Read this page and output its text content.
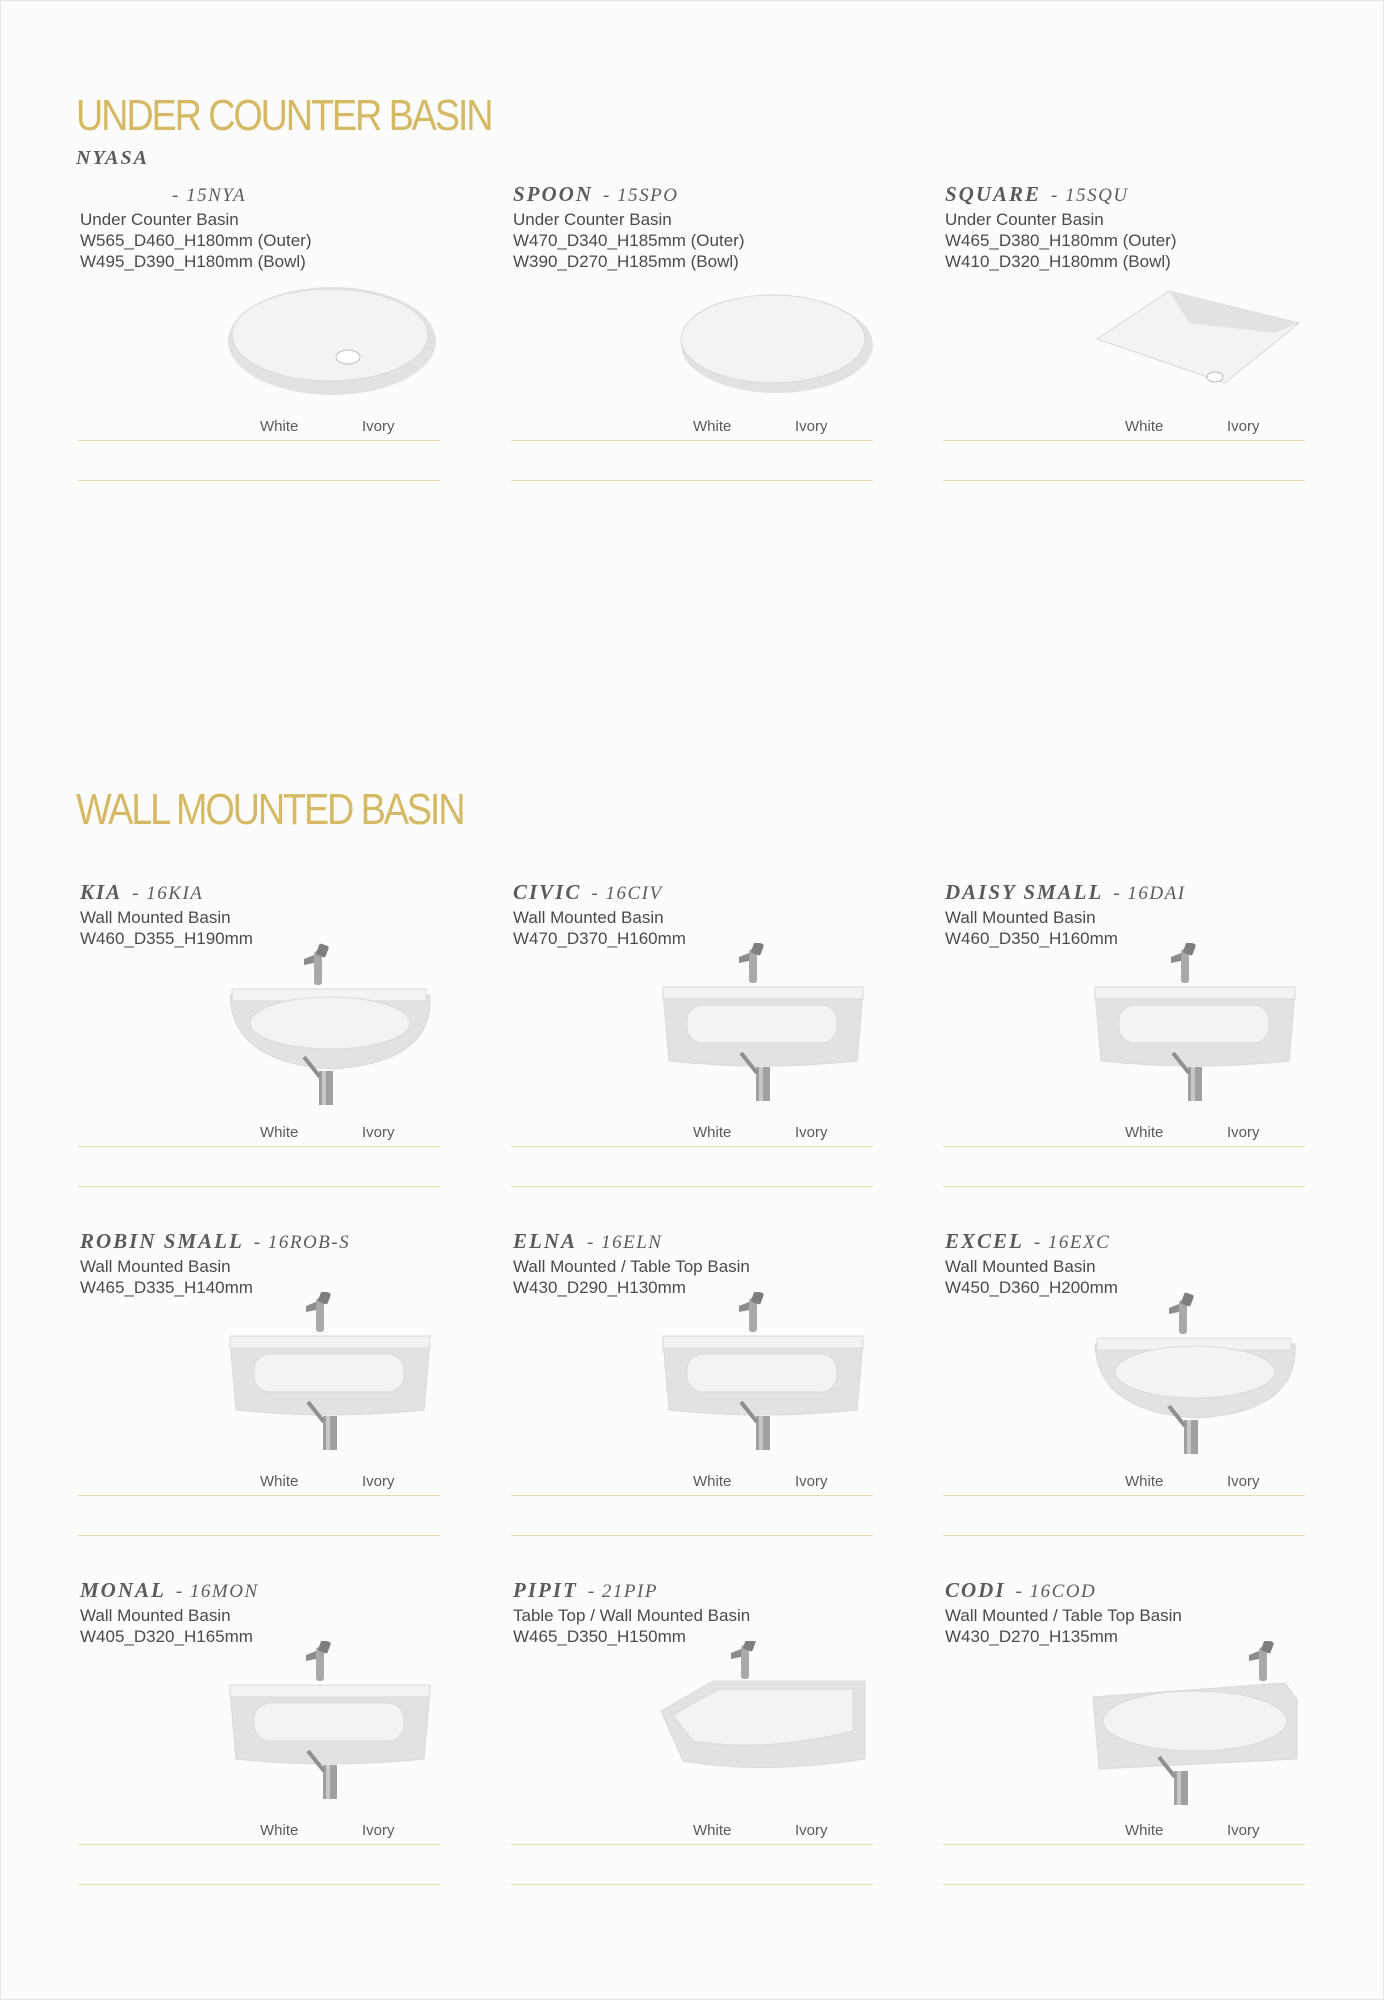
UNDER COUNTER BASIN
NYASA
WALL MOUNTED BASIN
- 15NYA
Under Counter Basin
W565_D460_H180mm (Outer)
W495_D390_H180mm (Bowl)
White	Ivory
SPOON - 15SPO
Under Counter Basin
W470_D340_H185mm (Outer)
W390_D270_H185mm (Bowl)
White	Ivory
SQUARE - 15SQU
Under Counter Basin
W465_D380_H180mm (Outer)
W410_D320_H180mm (Bowl)
White	Ivory
KIA - 16KIA
Wall Mounted Basin
W460_D355_H190mm
White	Ivory
CIVIC - 16CIV
Wall Mounted Basin
W470_D370_H160mm
White	Ivory
DAISY SMALL - 16DAI
Wall Mounted Basin
W460_D350_H160mm
White	Ivory
ROBIN SMALL - 16ROB-S
Wall Mounted Basin
W465_D335_H140mm
White	Ivory
ELNA - 16ELN
Wall Mounted / Table Top Basin
W430_D290_H130mm
White	Ivory
EXCEL - 16EXC
Wall Mounted Basin
W450_D360_H200mm
White	Ivory
MONAL - 16MON
Wall Mounted Basin
W405_D320_H165mm
White	Ivory
PIPIT - 21PIP
Table Top / Wall Mounted Basin
W465_D350_H150mm
White	Ivory
CODI - 16COD
Wall Mounted / Table Top Basin
W430_D270_H135mm
White	Ivory
